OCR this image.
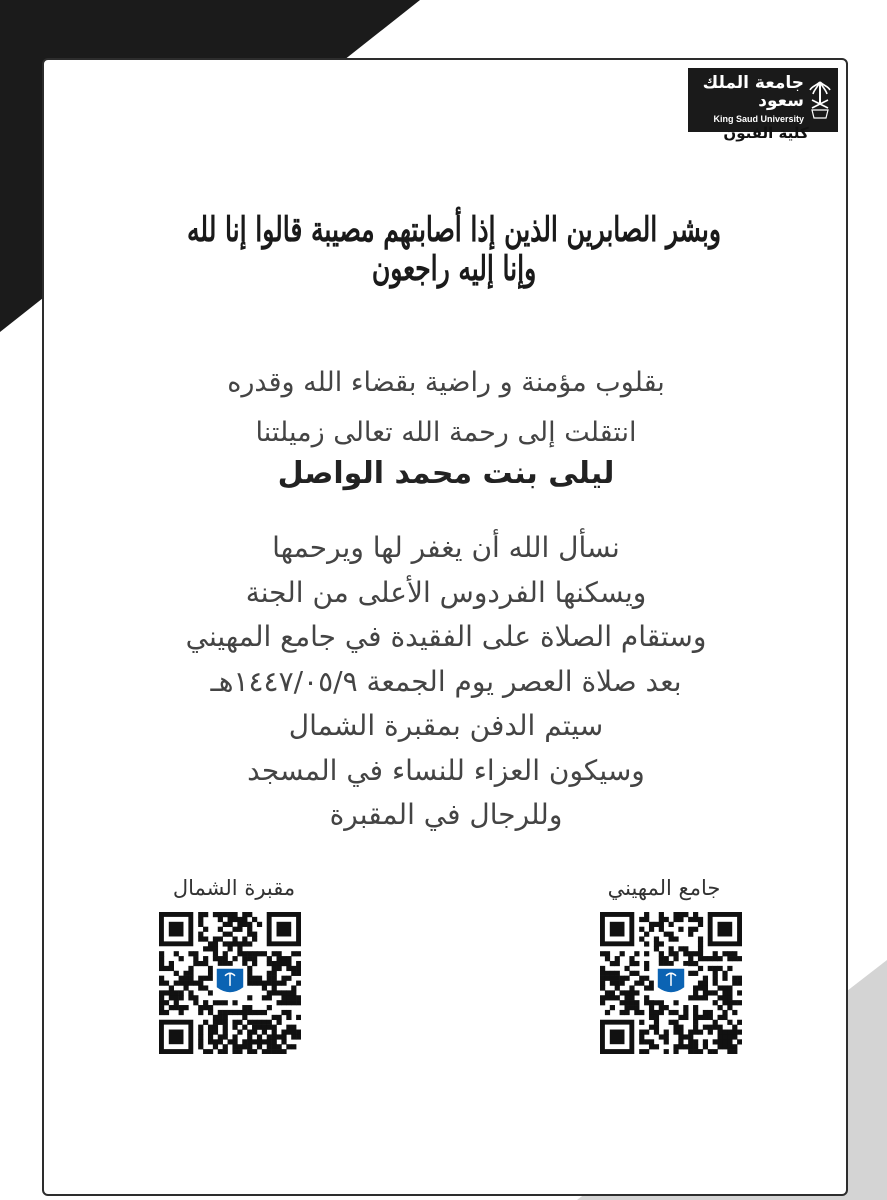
جامعة الملك سعود
King Saud University
كلية الفنون
وبشر الصابرين الذين إذا أصابتهم مصيبة قالوا إنا لله وإنا إليه راجعون
بقلوب مؤمنة و راضية بقضاء الله وقدره
انتقلت إلى رحمة الله تعالى زميلتنا
ليلى بنت محمد الواصل
نسأل الله أن يغفر لها ويرحمها
ويسكنها الفردوس الأعلى من الجنة
وستقام الصلاة على الفقيدة في جامع المهيني
بعد صلاة العصر يوم الجمعة ١٤٤٧/٠٥/٩هـ
سيتم الدفن بمقبرة الشمال
وسيكون العزاء للنساء في المسجد
وللرجال في المقبرة
جامع المهيني
مقبرة الشمال
